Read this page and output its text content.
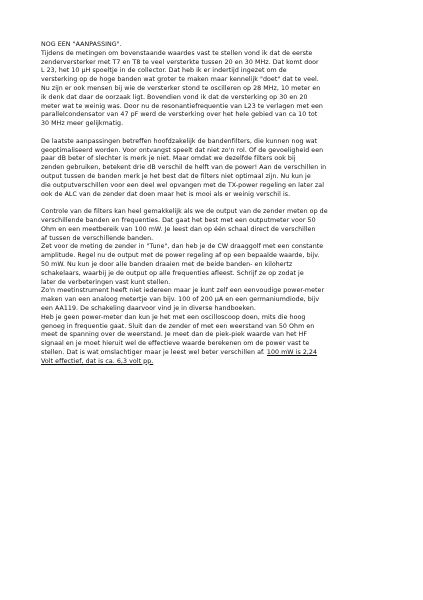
NOG EEN "AANPASSING".

Tijdens de metingen om bovenstaande waardes vast te stellen vond ik dat de eerste
zenderversterker met T7 en T8 te veel versterkte tussen 20 en 30 MHz. Dat komt door
L 23, het 10 µH spoeltje in de collector. Dat heb ik er indertijd ingezet om de
versterking op de hoge banden wat groter te maken maar kennelijk "doet" dat te veel.
Nu zijn er ook mensen bij wie de versterker stond te oscilleren op 28 MHz, 10 meter en
ik denk dat daar de oorzaak ligt. Bovendien vond ik dat de versterking op 30 en 20
meter wat te weinig was. Door nu de resonantiefrequentie van L23 te verlagen met een
parallelcondensator van 47 pF werd de versterking over het hele gebied van ca 10 tot
30 MHz meer gelijkmatig.

De laatste aanpassingen betreffen hoofdzakelijk de bandenfilters, die kunnen nog wat
geoptimaliseerd worden. Voor ontvangst speelt dat niet zo'n rol. Of de gevoeligheid een
paar dB beter of slechter is merk je niet. Maar omdat we dezelfde filters ook bij
zenden gebruiken, betekent drie dB verschil de helft van de power! Aan de verschillen in
output tussen de banden merk je het best dat de filters niet optimaal zijn. Nu kun je
die outputverschillen voor een deel wel opvangen met de TX-power regeling en later zal
ook de ALC van de zender dat doen maar het is mooi als er weinig verschil is.

Controle van de filters kan heel gemakkelijk als we de output van de zender meten op de
verschillende banden en frequenties. Dat gaat het best met een outputmeter voor 50
Ohm en een meetbereik van 100 mW. Je leest dan op één schaal direct de verschillen
af tussen de verschillende banden.
Zet voor de meting de zender in "Tune", dan heb je de CW draaggolf met een constante
amplitude. Regel nu de output met de power regeling af op een bepaalde waarde, bijv.
50 mW. Nu kun je door alle banden draaien met de beide banden- en kilohertz
schakelaars, waarbij je de output op alle frequenties afleest. Schrijf ze op zodat je
later de verbeteringen vast kunt stellen.
Zo'n meetinstrument heeft niet iedereen maar je kunt zelf een eenvoudige power-meter
maken van een analoog metertje van bijv. 100 of 200 µA en een germaniumdiode, bijv
een AA119. De schakeling daarvoor vind je in diverse handboeken.
Heb je geen power-meter dan kun je het met een oscilloscoop doen, mits die hoog
genoeg in frequentie gaat. Sluit dan de zender of met een weerstand van 50 Ohm en
meet de spanning over de weerstand. Je meet dan de piek-piek waarde van het HF
signaal en je moet hieruit wel de effectieve waarde berekenen om de power vast te
stellen. Dat is wat omslachtiger maar je leest wel beter verschillen af. 100 mW is 2,24
Volt effectief, dat is ca. 6,3 volt pp.
